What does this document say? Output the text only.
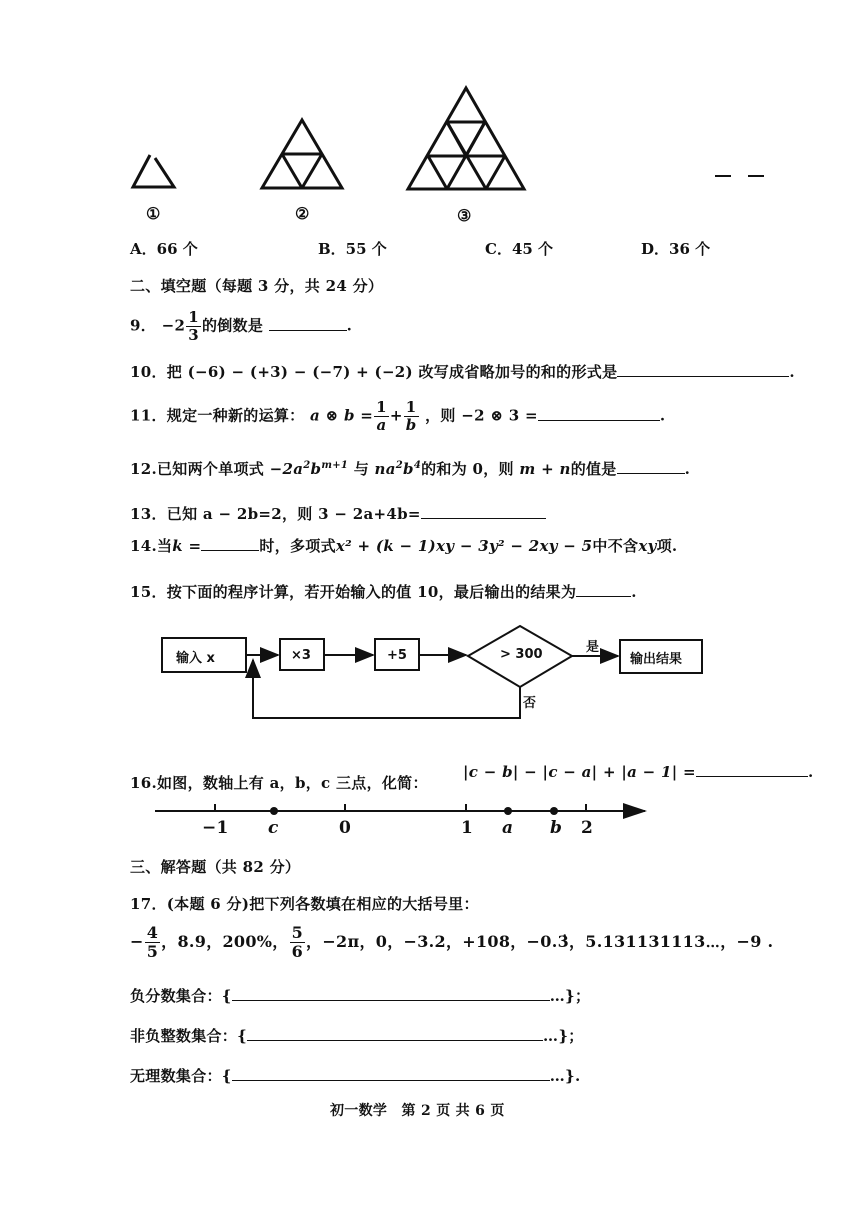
①	②	③
A．66 个	B．55 个	C．45 个	D．36 个
二、填空题（每题 3 分，共 24 分）
9． $-2 \frac{1}{3}$ 的倒数是	.
10．把 (−6) − (+3) − (−7) + (−2) 改写成省略加号的和的形式是	.
11．规定一种新的运算： a ⊗ $b = \frac{1}{a} + \frac{1}{b}$ ，则 −2 ⊗ 3 =	.
12.已知两个单项式 $-2a^2b^{m+1}$ 与 $na^2b^4$的和为 0，则 m + n的值是	.
13．已知 a − 2b=2，则 3 − 2a+4b=
14.当k =	时，多项式x² + (k − 1)xy − 3y² − 2xy − 5中不含xy项.
15．按下面的程序计算，若开始输入的值 10，最后输出的结果为	.
输入 x	×3	+5	> 300	是
否
输出结果
16.如图，数轴上有 a，b，c 三点，化简：
|c − b| − |c − a| + |a − 1| =	.
−1 c	0	1 a b 2
三、解答题（共 82 分）
17．(本题 6 分)把下列各数填在相应的大括号里：
− $\frac{4}{5}$ ，8.9，200%， $\frac{5}{6}$ ，−2π，0，−3.2，+108，−0.3̇，5.131131113⋯，−9 .
负分数集合：{	…}；
非负整数集合：{	…}；
无理数集合：{	…}.
初一数学　第 2 页 共 6 页
